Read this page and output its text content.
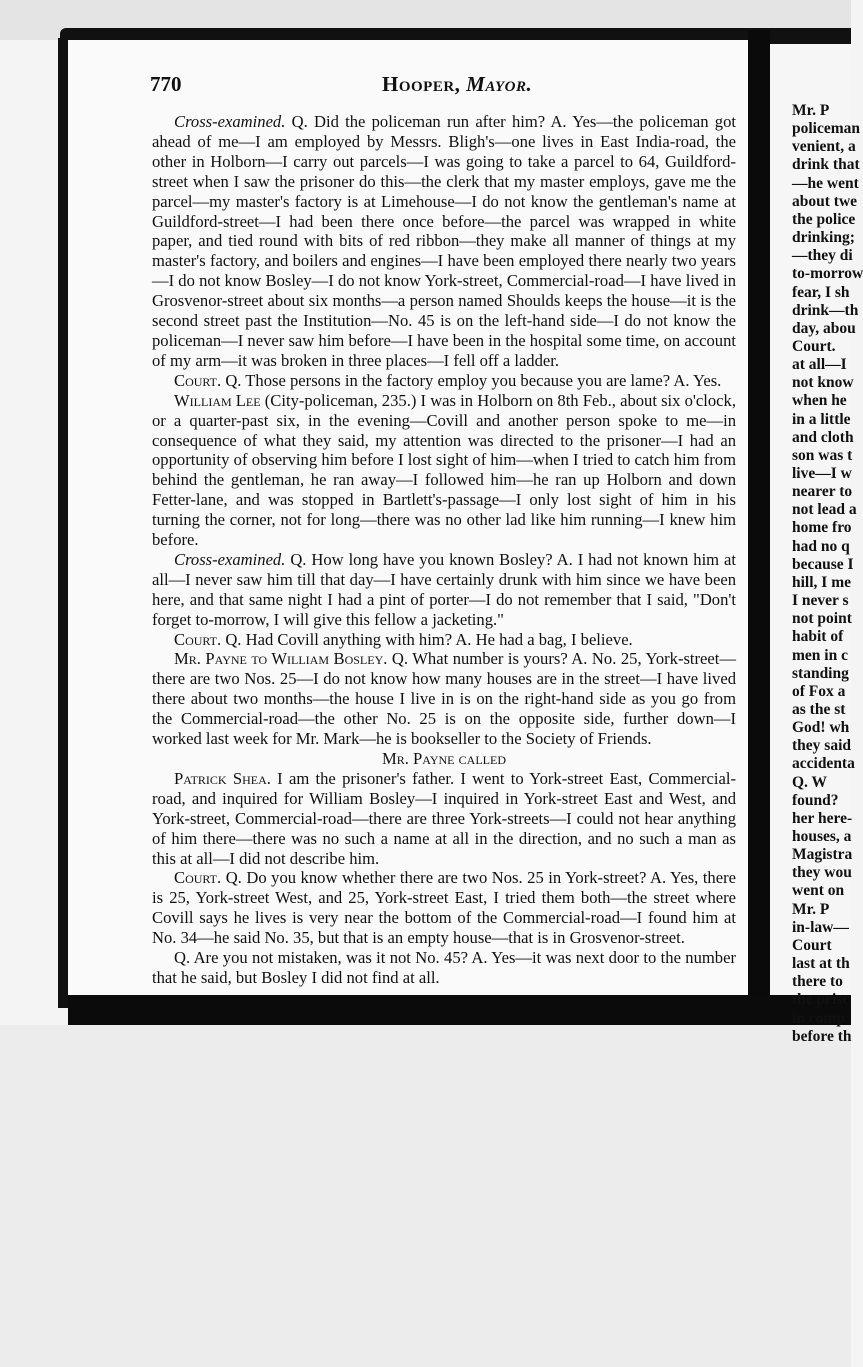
770	Hooper, Mayor.

Cross-examined. Q. Did the policeman run after him? A. Yes—the policeman got ahead of me—I am employed by Messrs. Bligh's—one lives in East India-road, the other in Holborn—I carry out parcels—I was going to take a parcel to 64, Guildford-street when I saw the prisoner do this—the clerk that my master employs, gave me the parcel—my master's factory is at Limehouse—I do not know the gentleman's name at Guildford-street—I had been there once before—the parcel was wrapped in white paper, and tied round with bits of red ribbon—they make all manner of things at my master's factory, and boilers and engines—I have been employed there nearly two years—I do not know Bosley—I do not know York-street, Commercial-road—I have lived in Grosvenor-street about six months—a person named Shoulds keeps the house—it is the second street past the Institution—No. 45 is on the left-hand side—I do not know the policeman—I never saw him before—I have been in the hospital some time, on account of my arm—it was broken in three places—I fell off a ladder.

Court. Q. Those persons in the factory employ you because you are lame? A. Yes.

William Lee (City-policeman, 235.) I was in Holborn on 8th Feb., about six o'clock, or a quarter-past six, in the evening—Covill and another person spoke to me—in consequence of what they said, my attention was directed to the prisoner—I had an opportunity of observing him before I lost sight of him—when I tried to catch him from behind the gentleman, he ran away—I followed him—he ran up Holborn and down Fetter-lane, and was stopped in Bartlett's-passage—I only lost sight of him in his turning the corner, not for long—there was no other lad like him running—I knew him before.

Cross-examined. Q. How long have you known Bosley? A. I had not known him at all—I never saw him till that day—I have certainly drunk with him since we have been here, and that same night I had a pint of porter—I do not remember that I said, "Don't forget to-morrow, I will give this fellow a jacketing."

Court. Q. Had Covill anything with him? A. He had a bag, I believe.

Mr. Payne to William Bosley. Q. What number is yours? A. No. 25, York-street—there are two Nos. 25—I do not know how many houses are in the street—I have lived there about two months—the house I live in is on the right-hand side as you go from the Commercial-road—the other No. 25 is on the opposite side, further down—I worked last week for Mr. Mark—he is bookseller to the Society of Friends.

Mr. Payne called

Patrick Shea. I am the prisoner's father. I went to York-street East, Commercial-road, and inquired for William Bosley—I inquired in York-street East and West, and York-street, Commercial-road—there are three York-streets—I could not hear anything of him there—there was no such a name at all in the direction, and no such a man as this at all—I did not describe him.

Court. Q. Do you know whether there are two Nos. 25 in York-street? A. Yes, there is 25, York-street West, and 25, York-street East, I tried them both—the street where Covill says he lives is very near the bottom of the Commercial-road—I found him at No. 34—he said No. 35, but that is an empty house—that is in Grosvenor-street.

Q. Are you not mistaken, was it not No. 45? A. Yes—it was next door to the number that he said, but Bosley I did not find at all.

Mr. P
policeman
venient, a
drink that
—he went
about twe
the police
drinking;
—they di
to-morrow
fear, I sh
drink—th
day, abou
Court.
at all—I
not know
when he
in a little
and cloth
son was t
live—I w
nearer to
not lead a
home fro
had no q
because I
hill, I me
I never s
not point
habit of
men in c
standing
of Fox a
as the st
God! wh
they said
accidenta
Q. W
found?
her here-
houses, a
Magistra
they wou
went on
Mr. P
in-law—
Court
last at th
there to
the prisc
in comp
before th
